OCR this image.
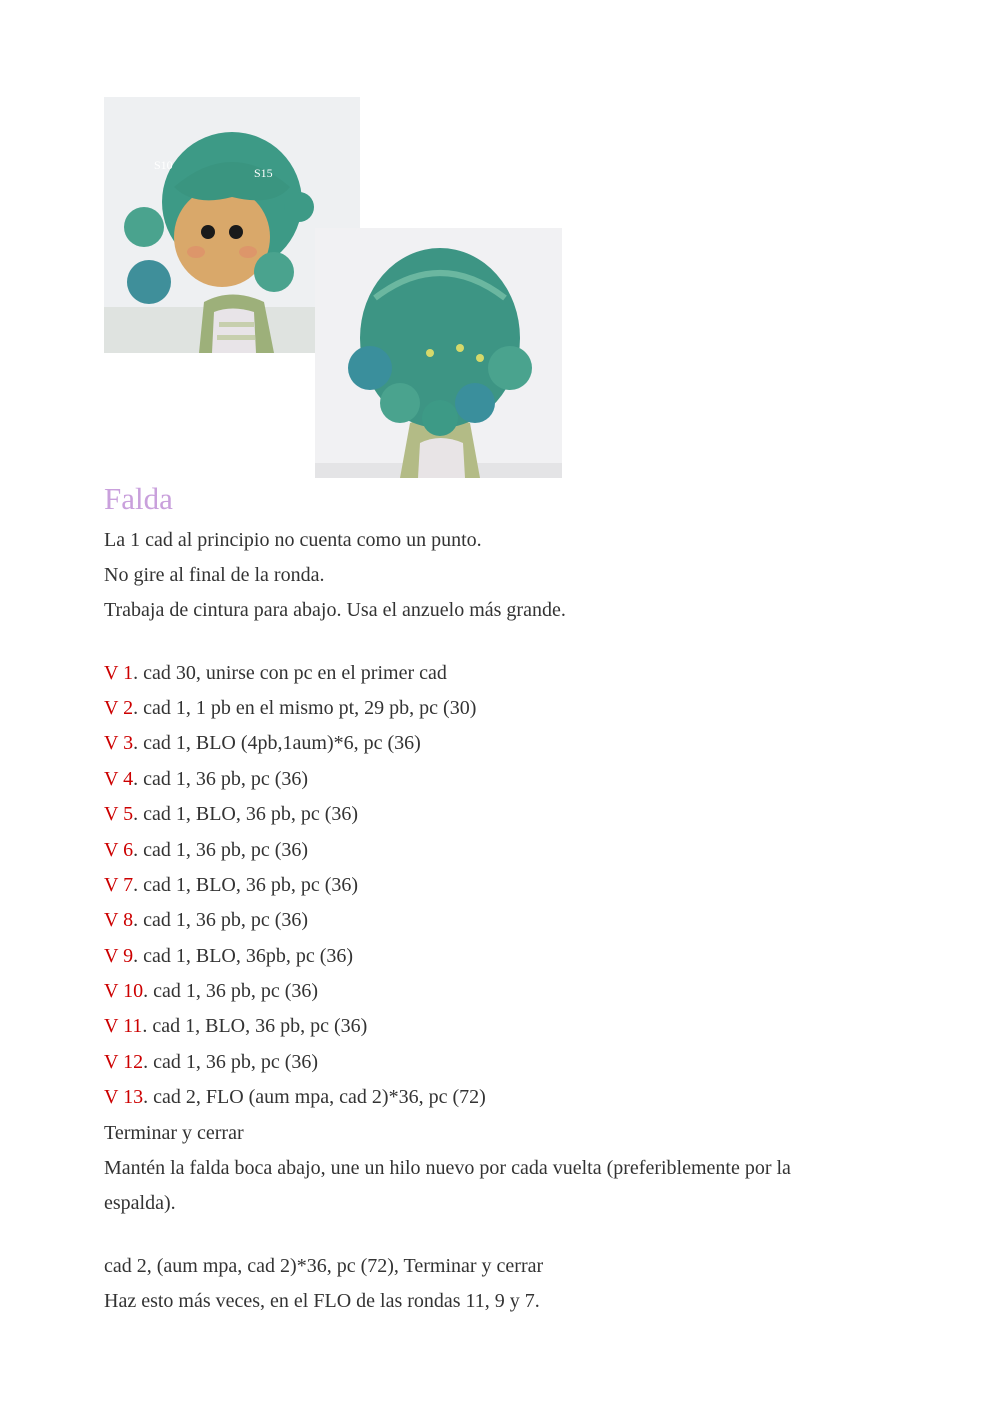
S10
S15
Falda
La 1 cad al principio no cuenta como un punto.
No gire al final de la ronda.
Trabaja de cintura para abajo. Usa el anzuelo más grande.
V 1. cad 30, unirse con pc en el primer cad
V 2. cad 1, 1 pb en el mismo pt, 29 pb, pc (30)
V 3. cad 1, BLO (4pb,1aum)*6, pc (36)
V 4. cad 1, 36 pb, pc (36)
V 5. cad 1, BLO, 36 pb, pc (36)
V 6. cad 1, 36 pb, pc (36)
V 7. cad 1, BLO, 36 pb, pc (36)
V 8. cad 1, 36 pb, pc (36)
V 9. cad 1, BLO, 36pb, pc (36)
V 10. cad 1, 36 pb, pc (36)
V 11. cad 1, BLO, 36 pb, pc (36)
V 12. cad 1, 36 pb, pc (36)
V 13. cad 2, FLO (aum mpa, cad 2)*36, pc (72)
Terminar y cerrar
Mantén la falda boca abajo, une un hilo nuevo por cada vuelta (preferiblemente por la
espalda).
cad 2, (aum mpa, cad 2)*36, pc (72), Terminar y cerrar
Haz esto más veces, en el FLO de las rondas 11, 9 y 7.
